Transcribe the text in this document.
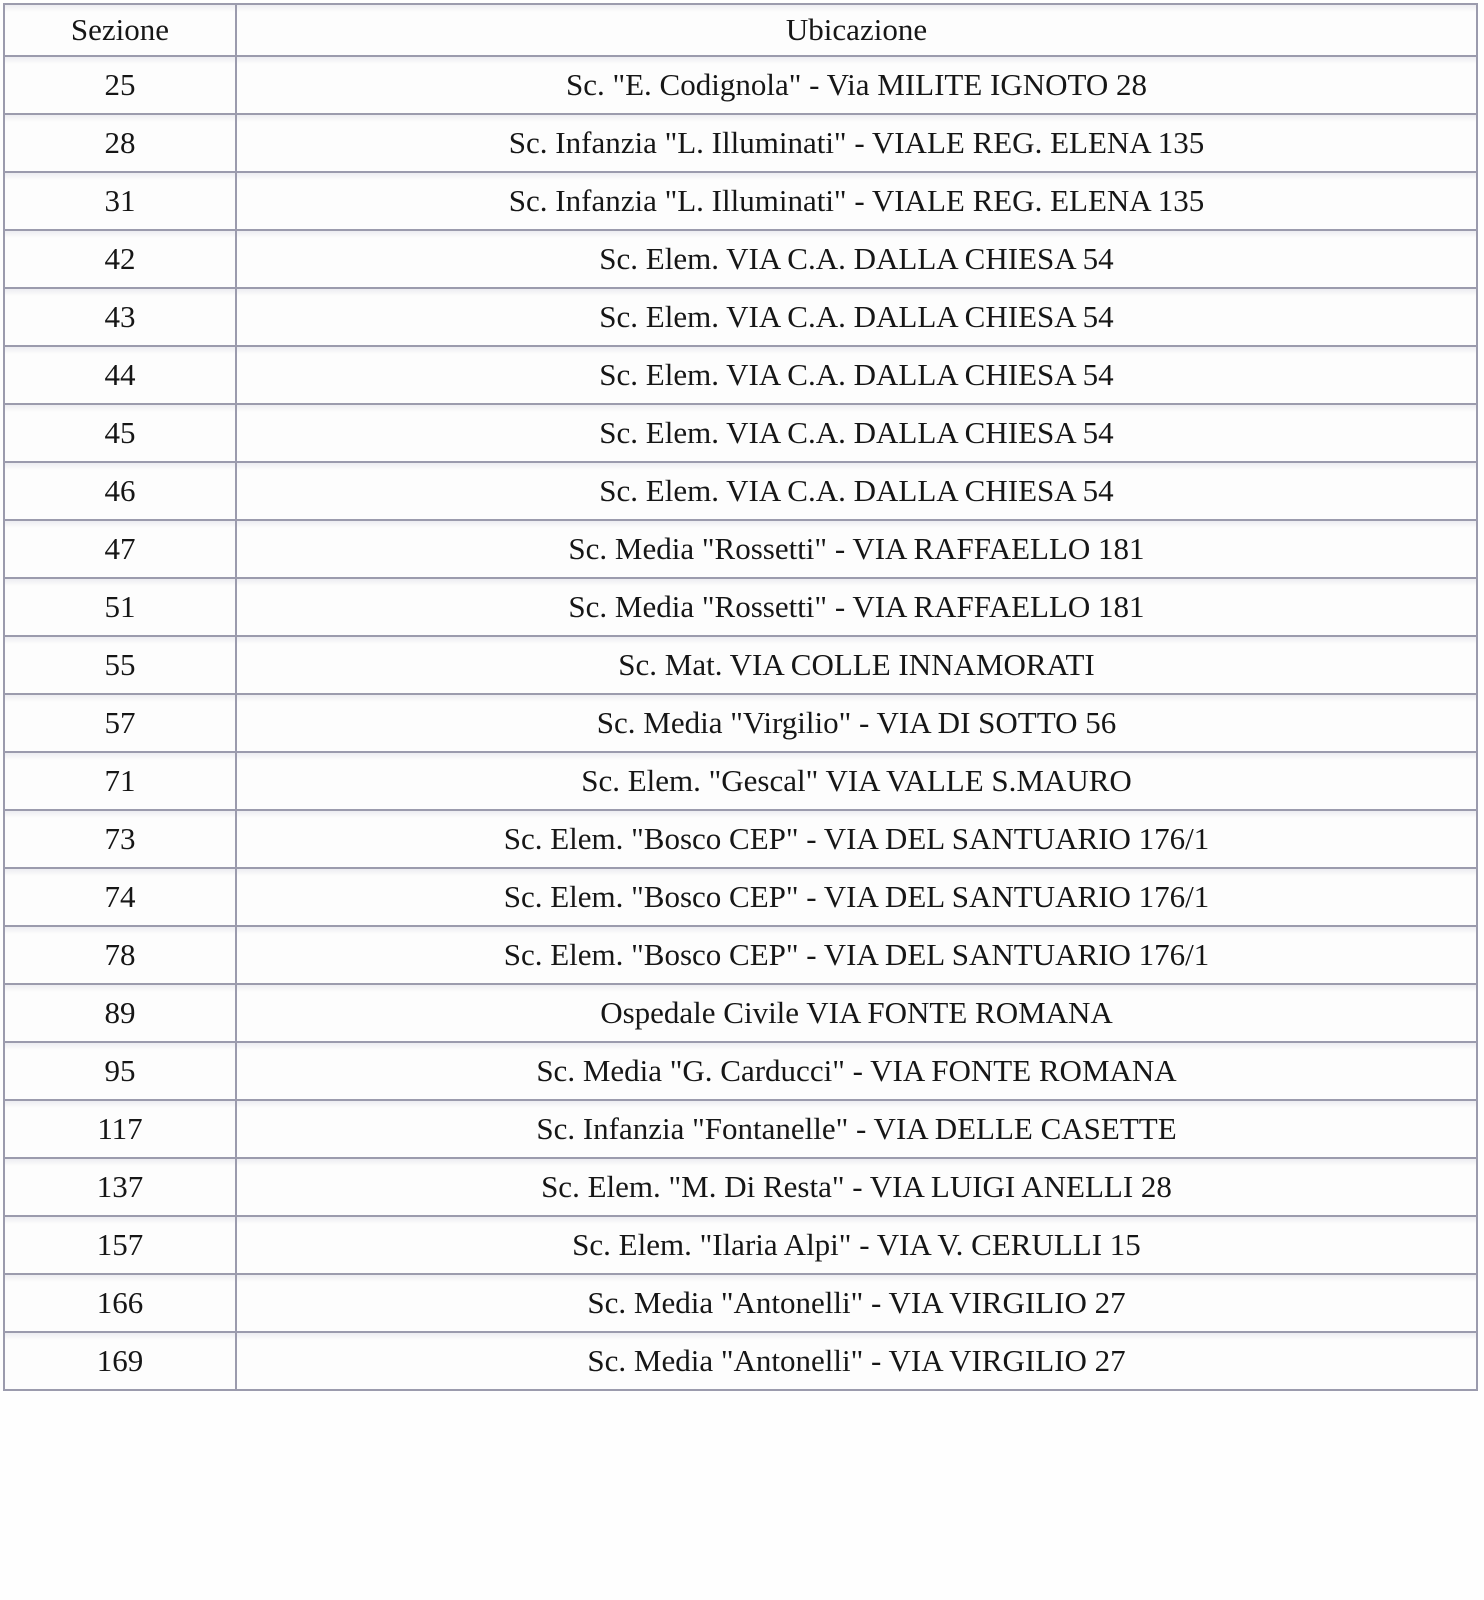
Sezione	Ubicazione
25	Sc. "E. Codignola" - Via MILITE IGNOTO 28
28	Sc. Infanzia "L. Illuminati" - VIALE REG. ELENA 135
31	Sc. Infanzia "L. Illuminati" - VIALE REG. ELENA 135
42	Sc. Elem. VIA C.A. DALLA CHIESA 54
43	Sc. Elem. VIA C.A. DALLA CHIESA 54
44	Sc. Elem. VIA C.A. DALLA CHIESA 54
45	Sc. Elem. VIA C.A. DALLA CHIESA 54
46	Sc. Elem. VIA C.A. DALLA CHIESA 54
47	Sc. Media "Rossetti" - VIA RAFFAELLO 181
51	Sc. Media "Rossetti" - VIA RAFFAELLO 181
55	Sc. Mat. VIA COLLE INNAMORATI
57	Sc. Media "Virgilio" - VIA DI SOTTO 56
71	Sc. Elem. "Gescal" VIA VALLE S.MAURO
73	Sc. Elem. "Bosco CEP" - VIA DEL SANTUARIO 176/1
74	Sc. Elem. "Bosco CEP" - VIA DEL SANTUARIO 176/1
78	Sc. Elem. "Bosco CEP" - VIA DEL SANTUARIO 176/1
89	Ospedale Civile VIA FONTE ROMANA
95	Sc. Media "G. Carducci" - VIA FONTE ROMANA
117	Sc. Infanzia "Fontanelle" - VIA DELLE CASETTE
137	Sc. Elem. "M. Di Resta" - VIA LUIGI ANELLI 28
157	Sc. Elem. "Ilaria Alpi" - VIA V. CERULLI 15
166	Sc. Media "Antonelli" - VIA VIRGILIO 27
169	Sc. Media "Antonelli" - VIA VIRGILIO 27
